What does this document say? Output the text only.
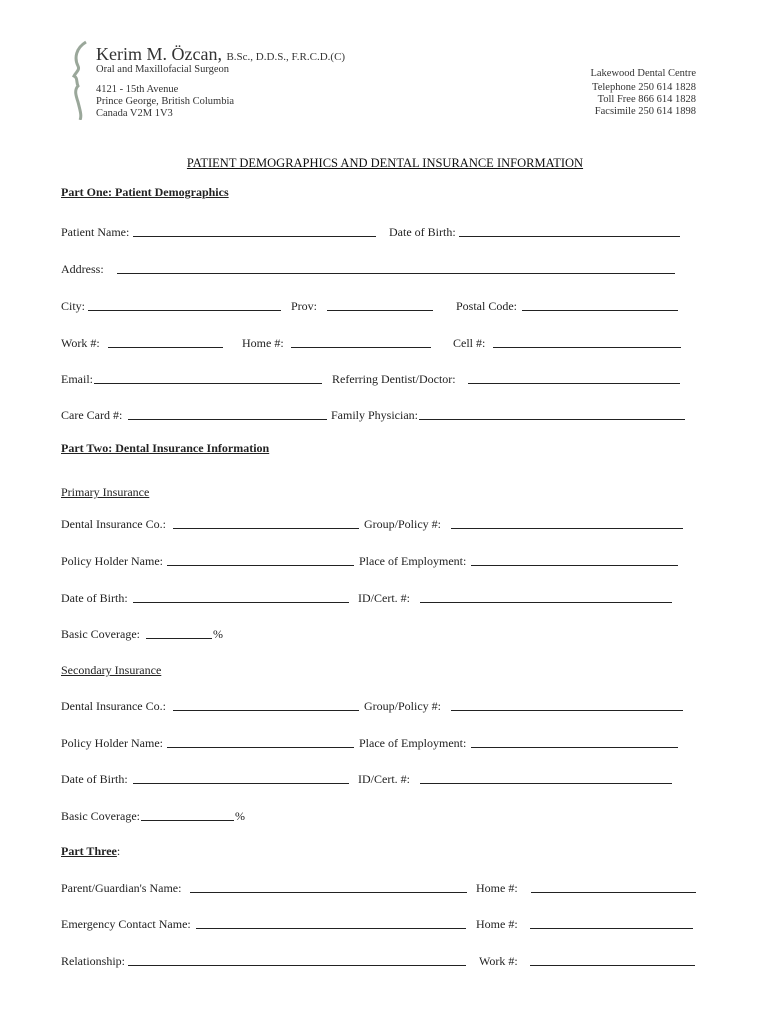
Kerim M. Özcan, B.Sc., D.D.S., F.R.C.D.(C)
Oral and Maxillofacial Surgeon
4121 - 15th Avenue
Prince George, British Columbia
Canada V2M 1V3
Lakewood Dental Centre
Telephone 250 614 1828
Toll Free 866 614 1828
Facsimile 250 614 1898
PATIENT DEMOGRAPHICS AND DENTAL INSURANCE INFORMATION
Part One: Patient Demographics
Patient Name:	Date of Birth:
Address:
City:	Prov:	Postal Code:
Work #:	Home #:	Cell #:
Email:	Referring Dentist/Doctor:
Care Card #:	Family Physician:
Part Two: Dental Insurance Information
Primary Insurance
Dental Insurance Co.:	Group/Policy #:
Policy Holder Name:	Place of Employment:
Date of Birth:	ID/Cert. #:
Basic Coverage:	%
Secondary Insurance
Dental Insurance Co.:	Group/Policy #:
Policy Holder Name:	Place of Employment:
Date of Birth:	ID/Cert. #:
Basic Coverage:	%
Part Three:
Parent/Guardian's Name:	Home #:
Emergency Contact Name:	Home #:
Relationship:	Work #:
